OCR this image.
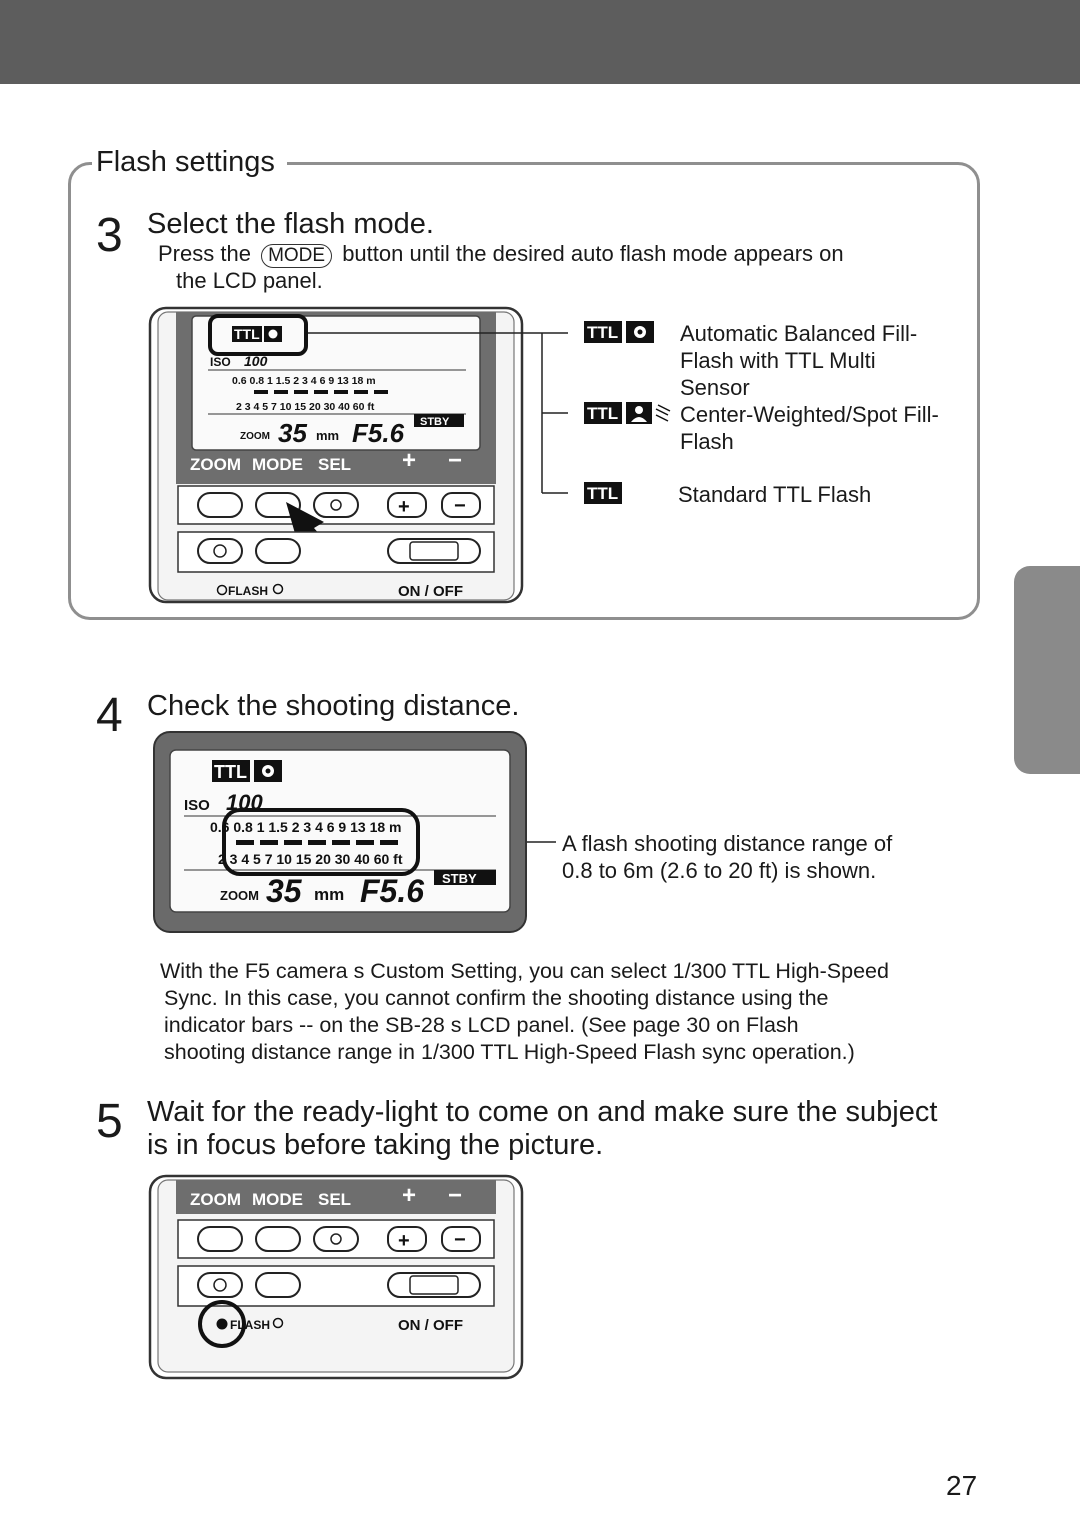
Flash settings
3 Select the flash mode.
Press the MODE button until the desired auto flash mode appears on
the LCD panel.
TTL
ISO 100
0.6 0.8 1 1.5 2 3 4 6 9 13 18 m
2 3 4 5 7 10 15 20 30 40 60 ft
ZOOM 35 mm F5.6 STBY
ZOOM MODE SEL + −
+ −
FLASH	ON / OFF
TTL
TTL
TTL
Automatic Balanced Fill-
Flash with TTL Multi
Sensor
Center-Weighted/Spot Fill-
Flash
Standard TTL Flash
4 Check the shooting distance.
TTL
ISO 100
0.6 0.8 1 1.5 2 3 4 6 9 13 18 m
2 3 4 5 7 10 15 20 30 40 60 ft
ZOOM 35 mm F5.6 STBY
A flash shooting distance range of
0.8 to 6m (2.6 to 20 ft) is shown.
With the F5 camera s Custom Setting, you can select 1/300 TTL High-Speed
Sync. In this case, you cannot confirm the shooting distance using the
indicator bars -- on the SB-28 s LCD panel. (See page 30 on Flash
shooting distance range in 1/300 TTL High-Speed Flash sync operation.)
5 Wait for the ready-light to come on and make sure the subject
is in focus before taking the picture.
ZOOM MODE SEL + −
+ −
FLASH	ON / OFF
27
